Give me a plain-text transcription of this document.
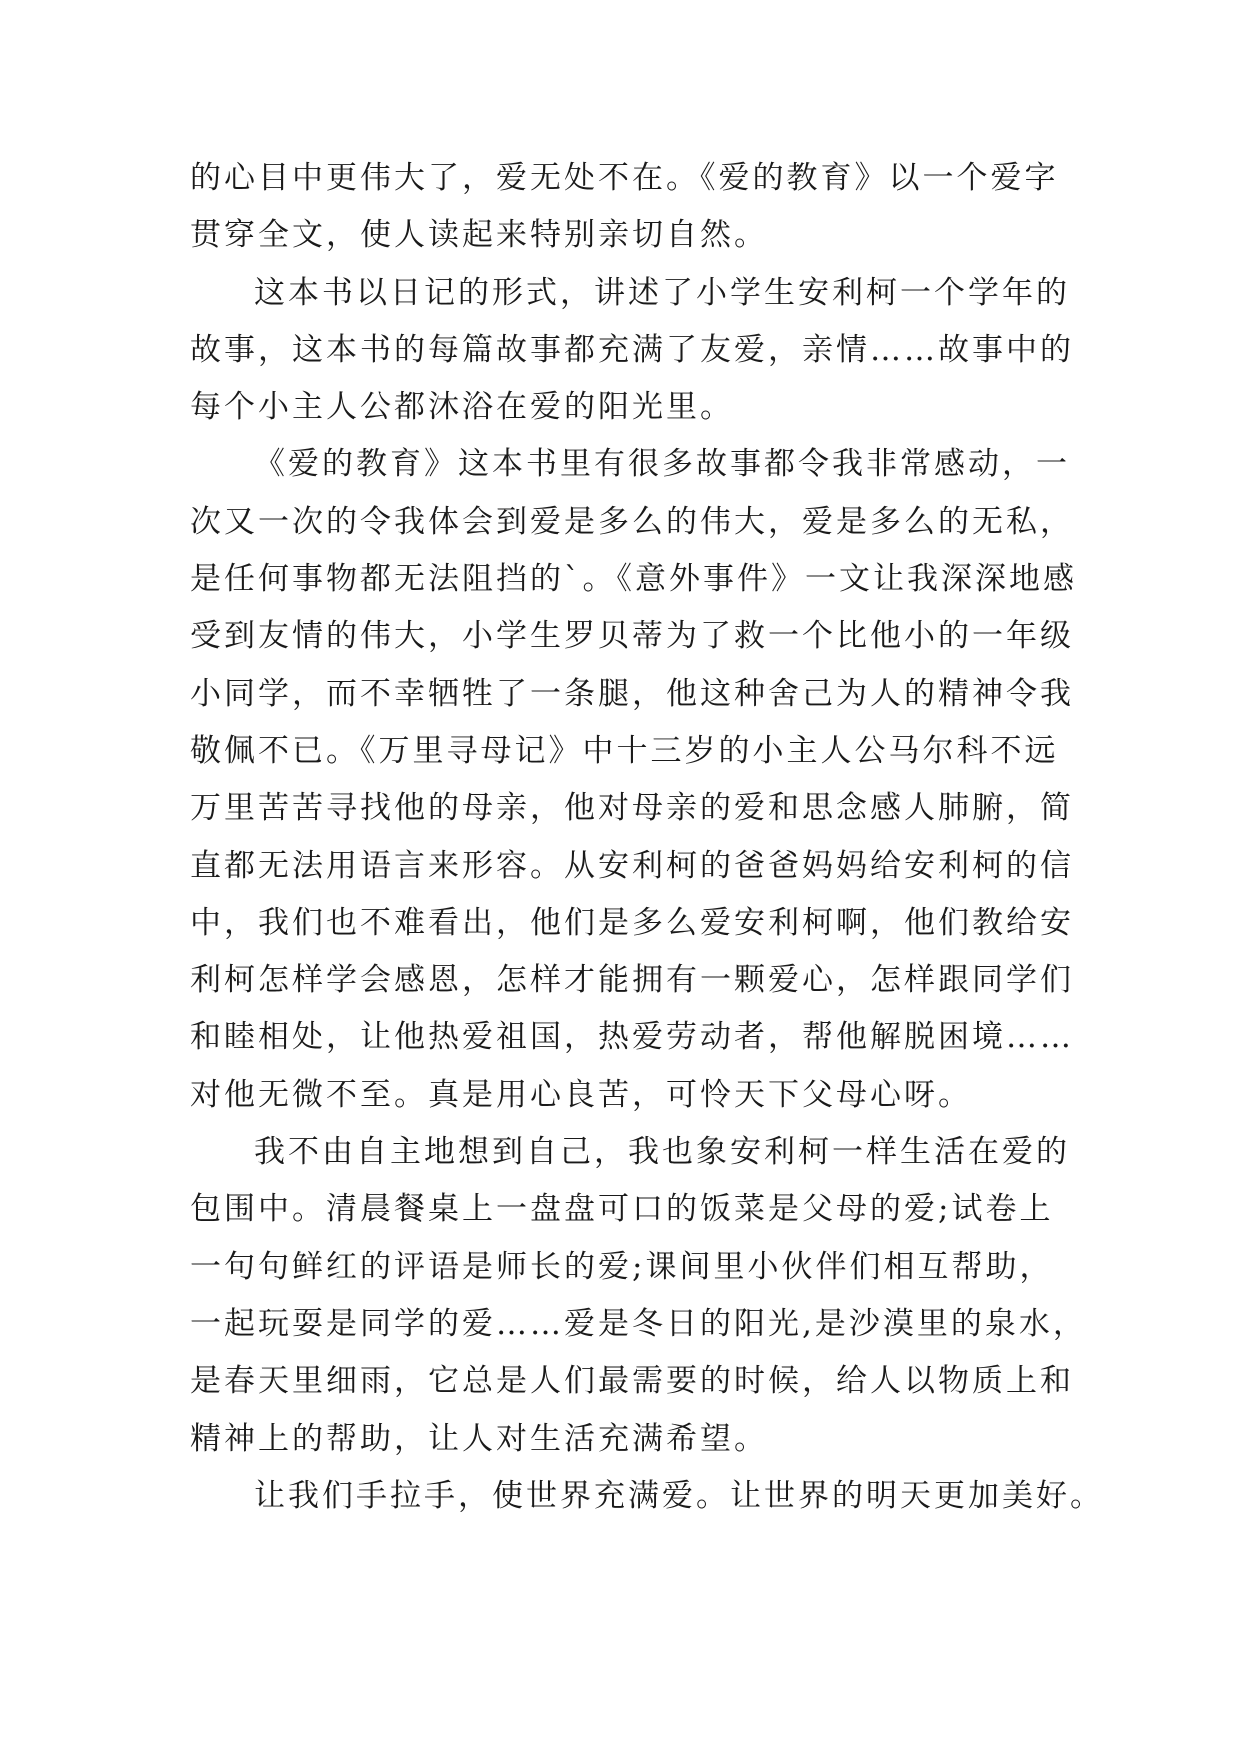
的心目中更伟大了，爱无处不在。《爱的教育》以一个爱字
贯穿全文，使人读起来特别亲切自然。
这本书以日记的形式，讲述了小学生安利柯一个学年的
故事，这本书的每篇故事都充满了友爱，亲情……故事中的
每个小主人公都沐浴在爱的阳光里。
《爱的教育》这本书里有很多故事都令我非常感动，一
次又一次的令我体会到爱是多么的伟大，爱是多么的无私，
是任何事物都无法阻挡的`。《意外事件》一文让我深深地感
受到友情的伟大，小学生罗贝蒂为了救一个比他小的一年级
小同学，而不幸牺牲了一条腿，他这种舍己为人的精神令我
敬佩不已。《万里寻母记》中十三岁的小主人公马尔科不远
万里苦苦寻找他的母亲，他对母亲的爱和思念感人肺腑，简
直都无法用语言来形容。从安利柯的爸爸妈妈给安利柯的信
中，我们也不难看出，他们是多么爱安利柯啊，他们教给安
利柯怎样学会感恩，怎样才能拥有一颗爱心，怎样跟同学们
和睦相处，让他热爱祖国，热爱劳动者，帮他解脱困境……
对他无微不至。真是用心良苦，可怜天下父母心呀。
我不由自主地想到自己，我也象安利柯一样生活在爱的
包围中。清晨餐桌上一盘盘可口的饭菜是父母的爱;试卷上
一句句鲜红的评语是师长的爱;课间里小伙伴们相互帮助，
一起玩耍是同学的爱……爱是冬日的阳光,是沙漠里的泉水，
是春天里细雨，它总是人们最需要的时候，给人以物质上和
精神上的帮助，让人对生活充满希望。
让我们手拉手，使世界充满爱。让世界的明天更加美好。
